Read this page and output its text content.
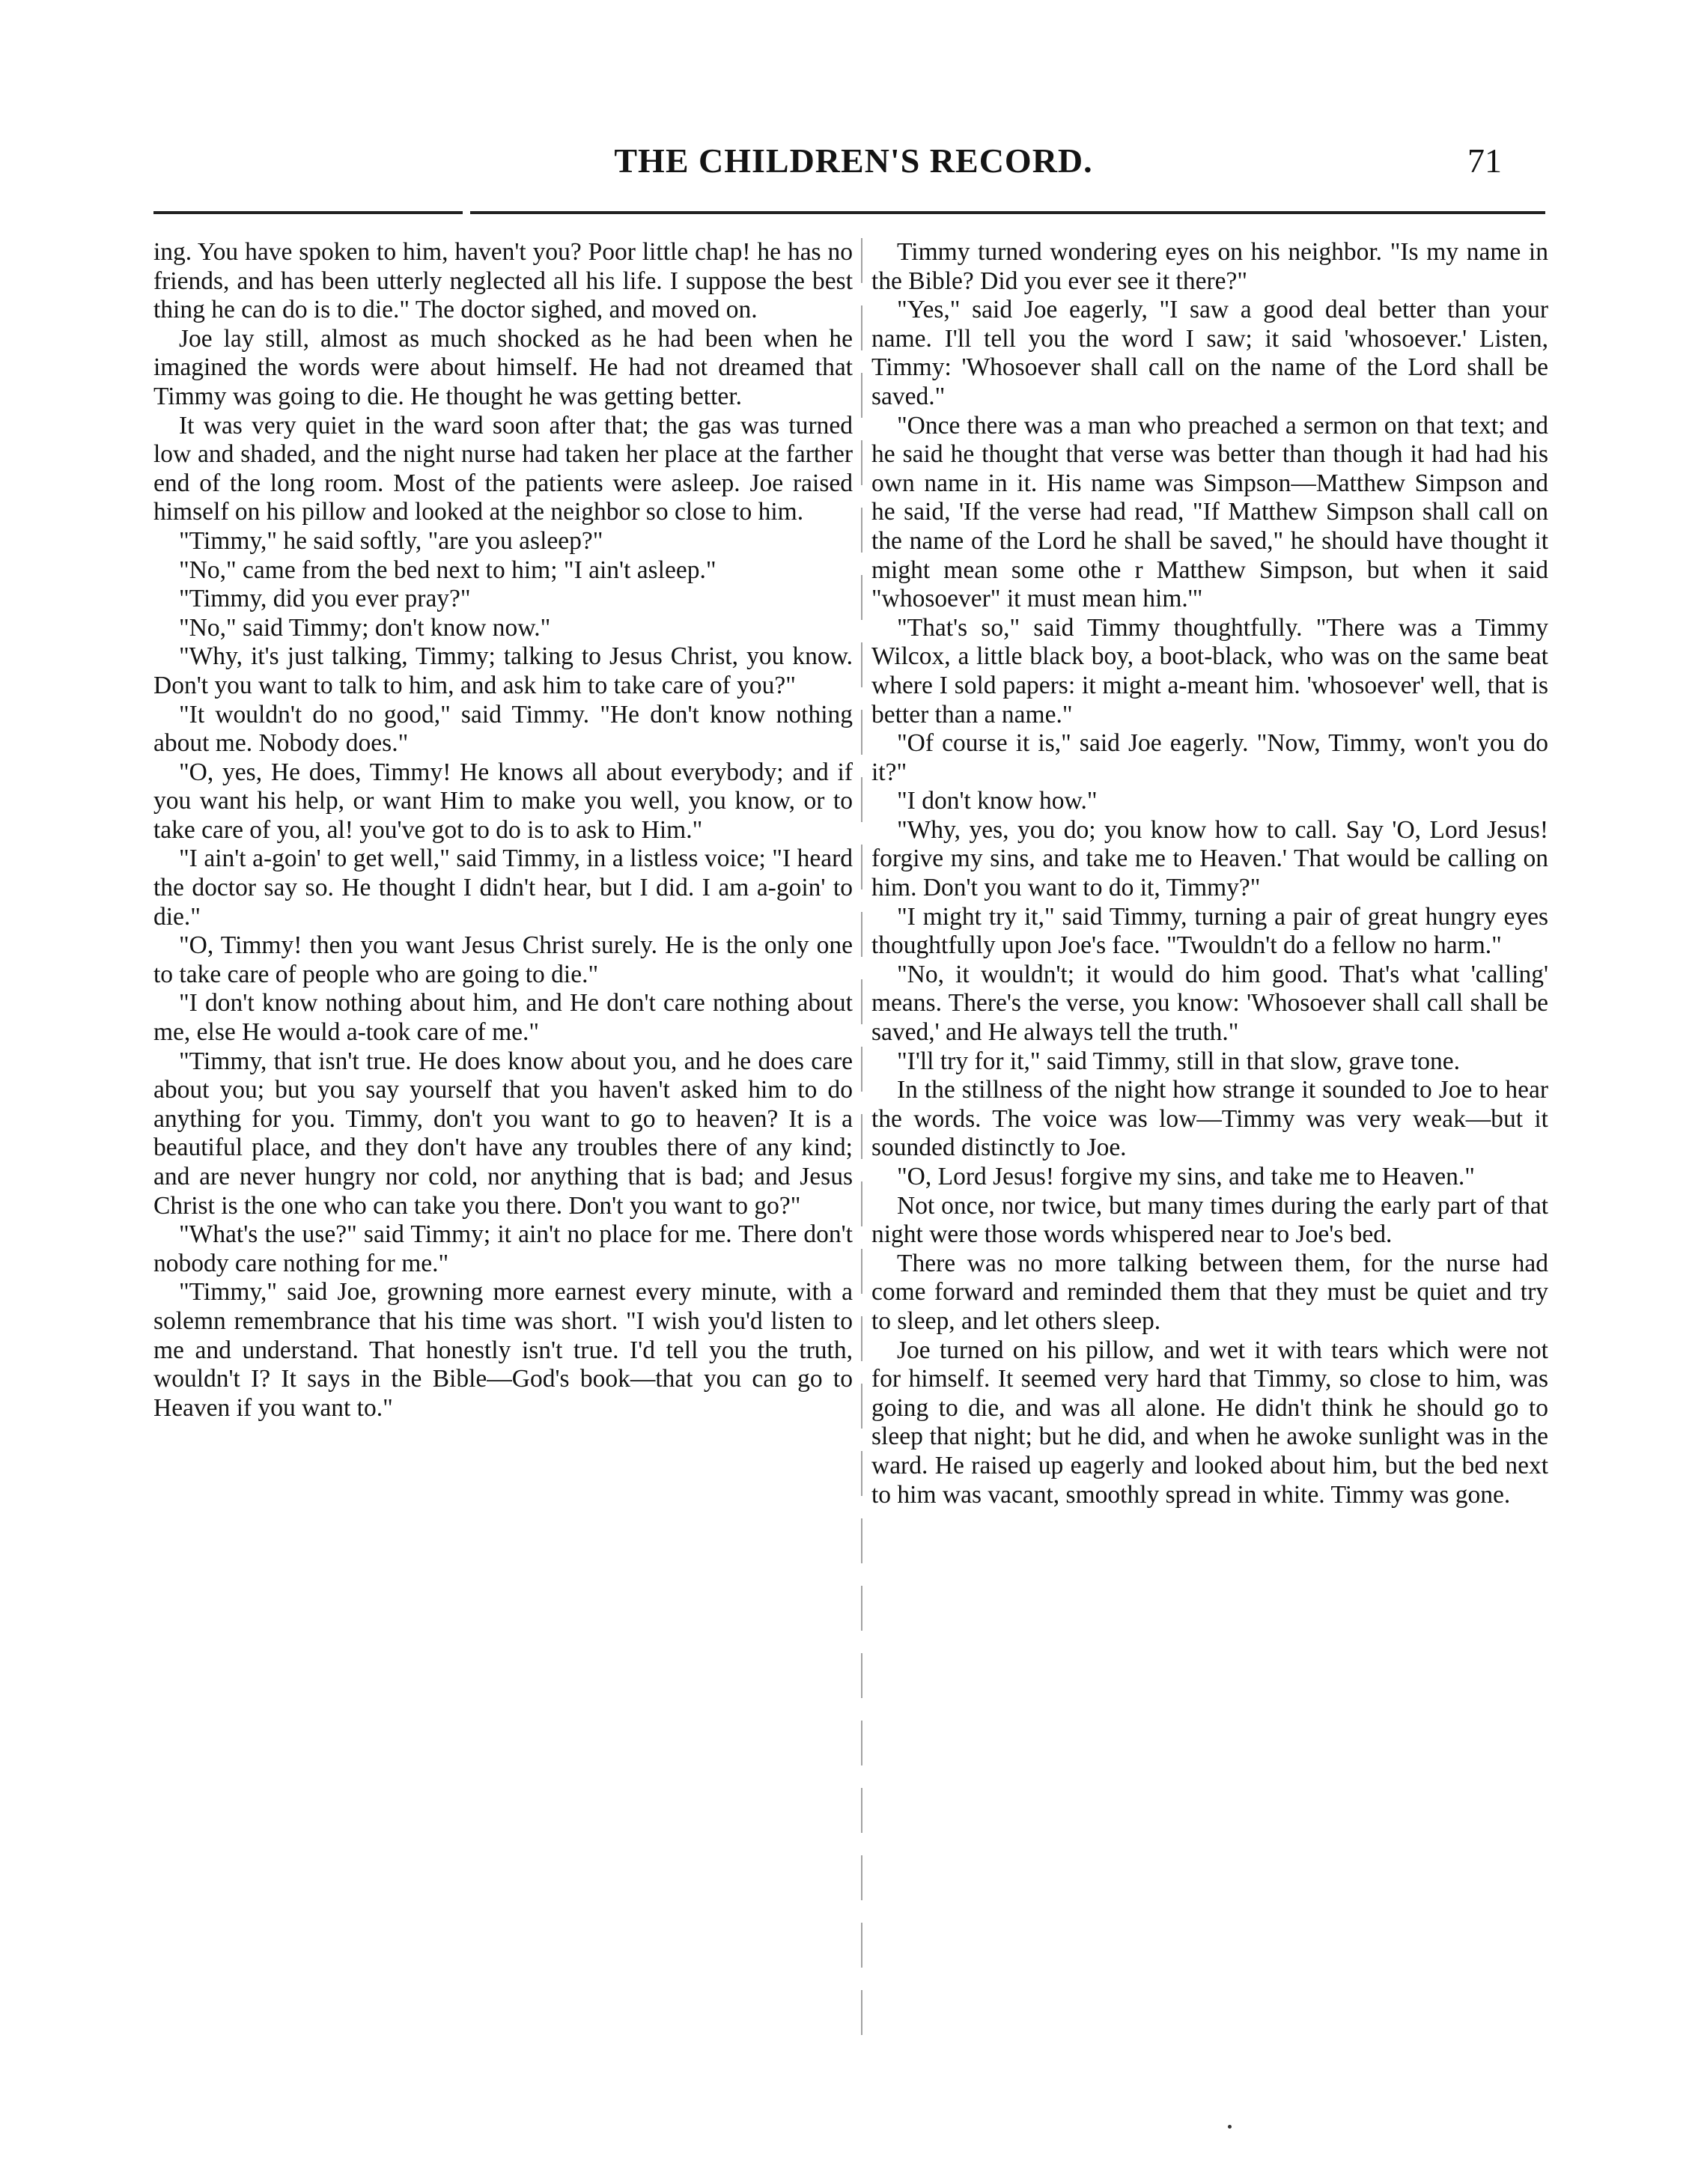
THE CHILDREN'S RECORD.	71

ing. You have spoken to him, haven't you? Poor little chap! he has no friends, and has been utterly neglected all his life. I suppose the best thing he can do is to die." The doctor sighed, and moved on.

Joe lay still, almost as much shocked as he had been when he imagined the words were about himself. He had not dreamed that Timmy was going to die. He thought he was getting better.

It was very quiet in the ward soon after that; the gas was turned low and shaded, and the night nurse had taken her place at the farther end of the long room. Most of the patients were asleep. Joe raised himself on his pillow and looked at the neighbor so close to him.

"Timmy," he said softly, "are you asleep?"

"No," came from the bed next to him; "I ain't asleep."

"Timmy, did you ever pray?"

"No," said Timmy; don't know now."

"Why, it's just talking, Timmy; talking to Jesus Christ, you know. Don't you want to talk to him, and ask him to take care of you?"

"It wouldn't do no good," said Timmy. "He don't know nothing about me. Nobody does."

"O, yes, He does, Timmy! He knows all about everybody; and if you want his help, or want Him to make you well, you know, or to take care of you, al! you've got to do is to ask to Him."

"I ain't a-goin' to get well," said Timmy, in a listless voice; "I heard the doctor say so. He thought I didn't hear, but I did. I am a-goin' to die."

"O, Timmy! then you want Jesus Christ surely. He is the only one to take care of people who are going to die."

"I don't know nothing about him, and He don't care nothing about me, else He would a-took care of me."

"Timmy, that isn't true. He does know about you, and he does care about you; but you say yourself that you haven't asked him to do anything for you. Timmy, don't you want to go to heaven? It is a beautiful place, and they don't have any troubles there of any kind; and are never hungry nor cold, nor anything that is bad; and Jesus Christ is the one who can take you there. Don't you want to go?"

"What's the use?" said Timmy; it ain't no place for me. There don't nobody care nothing for me."

"Timmy," said Joe, growning more earnest every minute, with a solemn remembrance that his time was short. "I wish you'd listen to me and understand. That honestly isn't true. I'd tell you the truth, wouldn't I? It says in the Bible—God's book—that you can go to Heaven if you want to."

Timmy turned wondering eyes on his neighbor. "Is my name in the Bible? Did you ever see it there?"

"Yes," said Joe eagerly, "I saw a good deal better than your name. I'll tell you the word I saw; it said 'whosoever.' Listen, Timmy: 'Whosoever shall call on the name of the Lord shall be saved."

"Once there was a man who preached a sermon on that text; and he said he thought that verse was better than though it had had his own name in it. His name was Simpson—Matthew Simpson and he said, 'If the verse had read, "If Matthew Simpson shall call on the name of the Lord he shall be saved," he should have thought it might mean some othe r Matthew Simpson, but when it said "whosoever" it must mean him.'"

"That's so," said Timmy thoughtfully. "There was a Timmy Wilcox, a little black boy, a boot-black, who was on the same beat where I sold papers: it might a-meant him. 'whosoever' well, that is better than a name."

"Of course it is," said Joe eagerly. "Now, Timmy, won't you do it?"

"I don't know how."

"Why, yes, you do; you know how to call. Say 'O, Lord Jesus! forgive my sins, and take me to Heaven.' That would be calling on him. Don't you want to do it, Timmy?"

"I might try it," said Timmy, turning a pair of great hungry eyes thoughtfully upon Joe's face. "Twouldn't do a fellow no harm."

"No, it wouldn't; it would do him good. That's what 'calling' means. There's the verse, you know: 'Whosoever shall call shall be saved,' and He always tell the truth."

"I'll try for it," said Timmy, still in that slow, grave tone.

In the stillness of the night how strange it sounded to Joe to hear the words. The voice was low—Timmy was very weak—but it sounded distinctly to Joe.

"O, Lord Jesus! forgive my sins, and take me to Heaven."

Not once, nor twice, but many times during the early part of that night were those words whispered near to Joe's bed.

There was no more talking between them, for the nurse had come forward and reminded them that they must be quiet and try to sleep, and let others sleep.

Joe turned on his pillow, and wet it with tears which were not for himself. It seemed very hard that Timmy, so close to him, was going to die, and was all alone. He didn't think he should go to sleep that night; but he did, and when he awoke sunlight was in the ward. He raised up eagerly and looked about him, but the bed next to him was vacant, smoothly spread in white. Timmy was gone.
